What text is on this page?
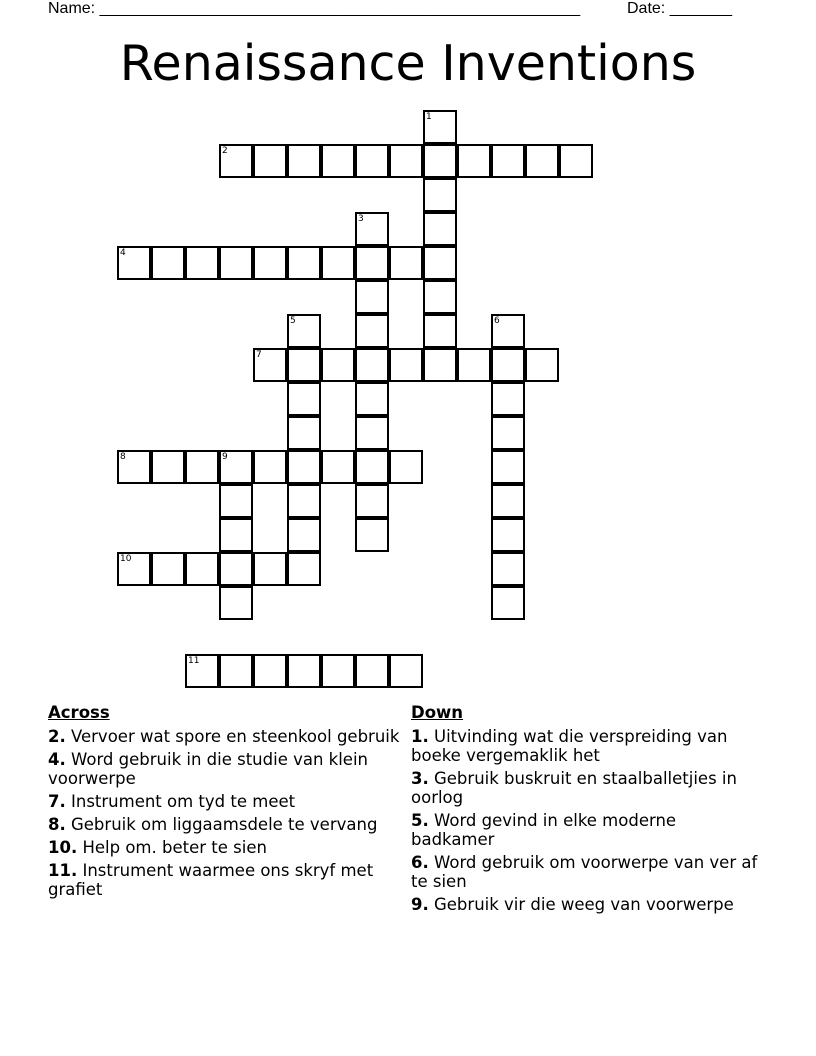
Name: ______________________________________________________	Date: _______
Renaissance Inventions
2
4
7
8	9
10
11
1
3
5	6
Across
2. Vervoer wat spore en steenkool gebruik
4. Word gebruik in die studie van klein voorwerpe
7. Instrument om tyd te meet
8. Gebruik om liggaamsdele te vervang
10. Help om. beter te sien
11. Instrument waarmee ons skryf met grafiet
Down
1. Uitvinding wat die verspreiding van boeke vergemaklik het
3. Gebruik buskruit en staalballetjies in oorlog
5. Word gevind in elke moderne badkamer
6. Word gebruik om voorwerpe van ver af te sien
9. Gebruik vir die weeg van voorwerpe
